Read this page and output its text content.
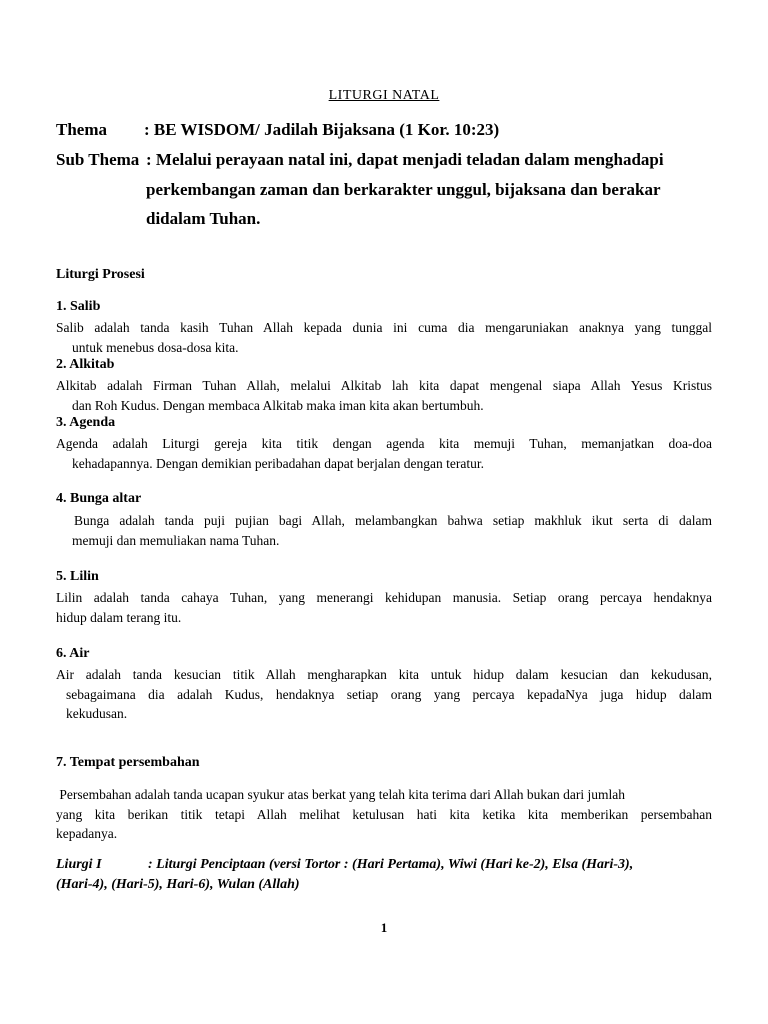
LITURGI NATAL
Thema : BE WISDOM/ Jadilah Bijaksana (1 Kor. 10:23)
Sub Thema : Melalui perayaan natal ini, dapat menjadi teladan dalam menghadapi
perkembangan zaman dan berkarakter unggul, bijaksana dan berakar
didalam Tuhan.
Liturgi Prosesi
1. Salib
Salib adalah tanda kasih Tuhan Allah kepada dunia ini cuma dia mengaruniakan anaknya yang tunggal
untuk menebus dosa-dosa kita.
2. Alkitab
Alkitab adalah Firman Tuhan Allah, melalui Alkitab lah kita dapat mengenal siapa Allah Yesus Kristus
dan Roh Kudus. Dengan membaca Alkitab maka iman kita akan bertumbuh.
3. Agenda
Agenda adalah Liturgi gereja kita titik dengan agenda kita memuji Tuhan, memanjatkan doa-doa
kehadapannya. Dengan demikian peribadahan dapat berjalan dengan teratur.
4. Bunga altar
Bunga adalah tanda puji pujian bagi Allah, melambangkan bahwa setiap makhluk ikut serta di dalam
memuji dan memuliakan nama Tuhan.
5. Lilin
Lilin adalah tanda cahaya Tuhan, yang menerangi kehidupan manusia. Setiap orang percaya hendaknya
hidup dalam terang itu.
6. Air
Air adalah tanda kesucian titik Allah mengharapkan kita untuk hidup dalam kesucian dan kekudusan,
sebagaimana dia adalah Kudus, hendaknya setiap orang yang percaya kepadaNya juga hidup dalam
kekudusan.
7. Tempat persembahan
Persembahan adalah tanda ucapan syukur atas berkat yang telah kita terima dari Allah bukan dari jumlah
yang kita berikan titik tetapi Allah melihat ketulusan hati kita ketika kita memberikan persembahan
kepadanya.
Liurgi I	: Liturgi Penciptaan (versi Tortor : (Hari Pertama), Wiwi (Hari ke-2), Elsa (Hari-3),
(Hari-4), (Hari-5), Hari-6), Wulan (Allah)
1
